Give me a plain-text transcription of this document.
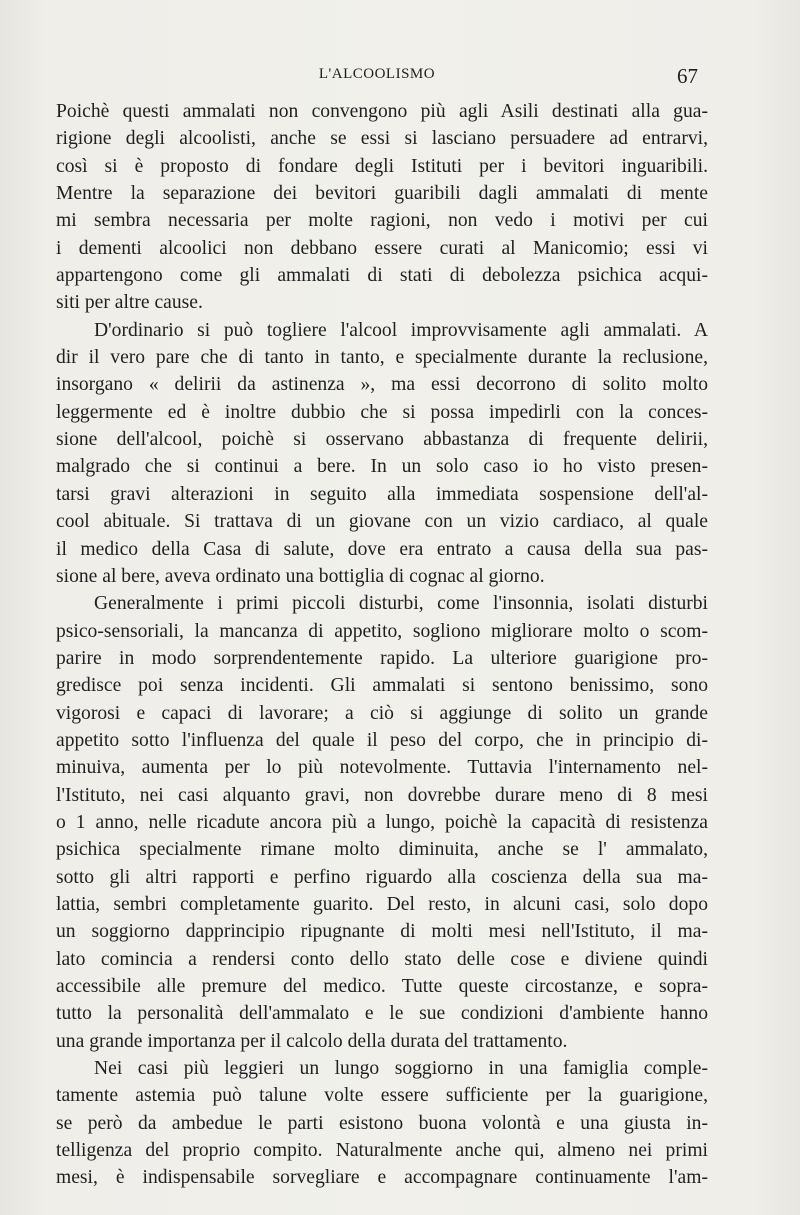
L'ALCOOLISMO	67
Poichè questi ammalati non convengono più agli Asili destinati alla gua-
rigione degli alcoolisti, anche se essi si lasciano persuadere ad entrarvi,
così si è proposto di fondare degli Istituti per i bevitori inguaribili.
Mentre la separazione dei bevitori guaribili dagli ammalati di mente
mi sembra necessaria per molte ragioni, non vedo i motivi per cui
i dementi alcoolici non debbano essere curati al Manicomio; essi vi
appartengono come gli ammalati di stati di debolezza psichica acqui-
siti per altre cause.
D'ordinario si può togliere l'alcool improvvisamente agli ammalati. A
dir il vero pare che di tanto in tanto, e specialmente durante la reclusione,
insorgano « delirii da astinenza », ma essi decorrono di solito molto
leggermente ed è inoltre dubbio che si possa impedirli con la conces-
sione dell'alcool, poichè si osservano abbastanza di frequente delirii,
malgrado che si continui a bere. In un solo caso io ho visto presen-
tarsi gravi alterazioni in seguito alla immediata sospensione dell'al-
cool abituale. Si trattava di un giovane con un vizio cardiaco, al quale
il medico della Casa di salute, dove era entrato a causa della sua pas-
sione al bere, aveva ordinato una bottiglia di cognac al giorno.
Generalmente i primi piccoli disturbi, come l'insonnia, isolati disturbi
psico-sensoriali, la mancanza di appetito, sogliono migliorare molto o scom-
parire in modo sorprendentemente rapido. La ulteriore guarigione pro-
gredisce poi senza incidenti. Gli ammalati si sentono benissimo, sono
vigorosi e capaci di lavorare; a ciò si aggiunge di solito un grande
appetito sotto l'influenza del quale il peso del corpo, che in principio di-
minuiva, aumenta per lo più notevolmente. Tuttavia l'internamento nel-
l'Istituto, nei casi alquanto gravi, non dovrebbe durare meno di 8 mesi
o 1 anno, nelle ricadute ancora più a lungo, poichè la capacità di resistenza
psichica specialmente rimane molto diminuita, anche se l' ammalato,
sotto gli altri rapporti e perfino riguardo alla coscienza della sua ma-
lattia, sembri completamente guarito. Del resto, in alcuni casi, solo dopo
un soggiorno dapprincipio ripugnante di molti mesi nell'Istituto, il ma-
lato comincia a rendersi conto dello stato delle cose e diviene quindi
accessibile alle premure del medico. Tutte queste circostanze, e sopra-
tutto la personalità dell'ammalato e le sue condizioni d'ambiente hanno
una grande importanza per il calcolo della durata del trattamento.
Nei casi più leggieri un lungo soggiorno in una famiglia comple-
tamente astemia può talune volte essere sufficiente per la guarigione,
se però da ambedue le parti esistono buona volontà e una giusta in-
telligenza del proprio compito. Naturalmente anche qui, almeno nei primi
mesi, è indispensabile sorvegliare e accompagnare continuamente l'am-
